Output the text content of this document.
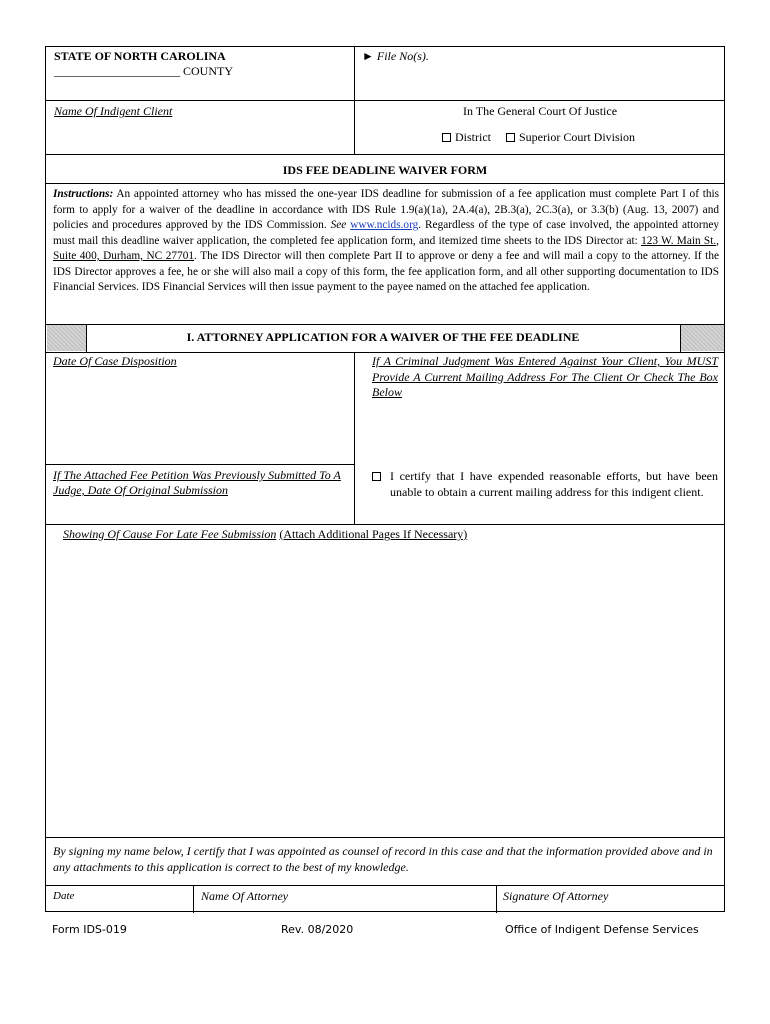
STATE OF NORTH CAROLINA
_____________________ COUNTY
► File No(s).
Name Of Indigent Client	In The General Court Of Justice
District	Superior Court Division
IDS FEE DEADLINE WAIVER FORM
Instructions: An appointed attorney who has missed the one-year IDS deadline for submission of a fee application must complete Part I of this form to apply for a waiver of the deadline in accordance with IDS Rule 1.9(a)(1a), 2A.4(a), 2B.3(a), 2C.3(a), or 3.3(b) (Aug. 13, 2007) and policies and procedures approved by the IDS Commission. See www.ncids.org. Regardless of the type of case involved, the appointed attorney must mail this deadline waiver application, the completed fee application form, and itemized time sheets to the IDS Director at: 123 W. Main St., Suite 400, Durham, NC 27701. The IDS Director will then complete Part II to approve or deny a fee and will mail a copy to the attorney. If the IDS Director approves a fee, he or she will also mail a copy of this form, the fee application form, and all other supporting documentation to IDS Financial Services. IDS Financial Services will then issue payment to the payee named on the attached fee application.
I. ATTORNEY APPLICATION FOR A WAIVER OF THE FEE DEADLINE
Date Of Case Disposition	If A Criminal Judgment Was Entered Against Your Client, You MUST Provide A Current Mailing Address For The Client Or Check The Box Below
If The Attached Fee Petition Was Previously Submitted To A Judge, Date Of Original Submission
I certify that I have expended reasonable efforts, but have been unable to obtain a current mailing address for this indigent client.
Showing Of Cause For Late Fee Submission (Attach Additional Pages If Necessary)
By signing my name below, I certify that I was appointed as counsel of record in this case and that the information provided above and in any attachments to this application is correct to the best of my knowledge.
Date	Name Of Attorney	Signature Of Attorney
Form IDS-019	Rev. 08/2020	Office of Indigent Defense Services
